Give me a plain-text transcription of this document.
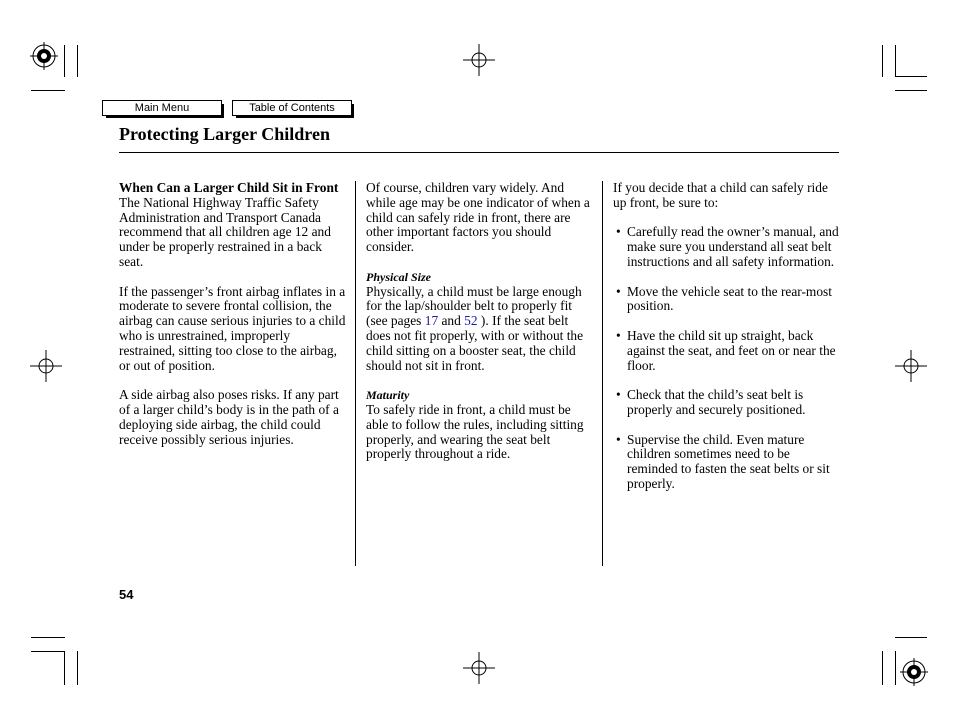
Main Menu	Table of Contents
Protecting Larger Children
When Can a Larger Child Sit in Front

The National Highway Traffic Safety Administration and Transport Canada recommend that all children age 12 and under be properly restrained in a back seat.

If the passenger’s front airbag inflates in a moderate to severe frontal collision, the airbag can cause serious injuries to a child who is unrestrained, improperly restrained, sitting too close to the airbag, or out of position.

A side airbag also poses risks. If any part of a larger child’s body is in the path of a deploying side airbag, the child could receive possibly serious injuries.

Of course, children vary widely. And while age may be one indicator of when a child can safely ride in front, there are other important factors you should consider.

Physical Size

Physically, a child must be large enough for the lap/shoulder belt to properly fit (see pages 17 and 52 ). If the seat belt does not fit properly, with or without the child sitting on a booster seat, the child should not sit in front.

Maturity

To safely ride in front, a child must be able to follow the rules, including sitting properly, and wearing the seat belt properly throughout a ride.

If you decide that a child can safely ride up front, be sure to:

• Carefully read the owner’s manual, and make sure you understand all seat belt instructions and all safety information.
• Move the vehicle seat to the rear-most position.
• Have the child sit up straight, back against the seat, and feet on or near the floor.
• Check that the child’s seat belt is properly and securely positioned.
• Supervise the child. Even mature children sometimes need to be reminded to fasten the seat belts or sit properly.
54
